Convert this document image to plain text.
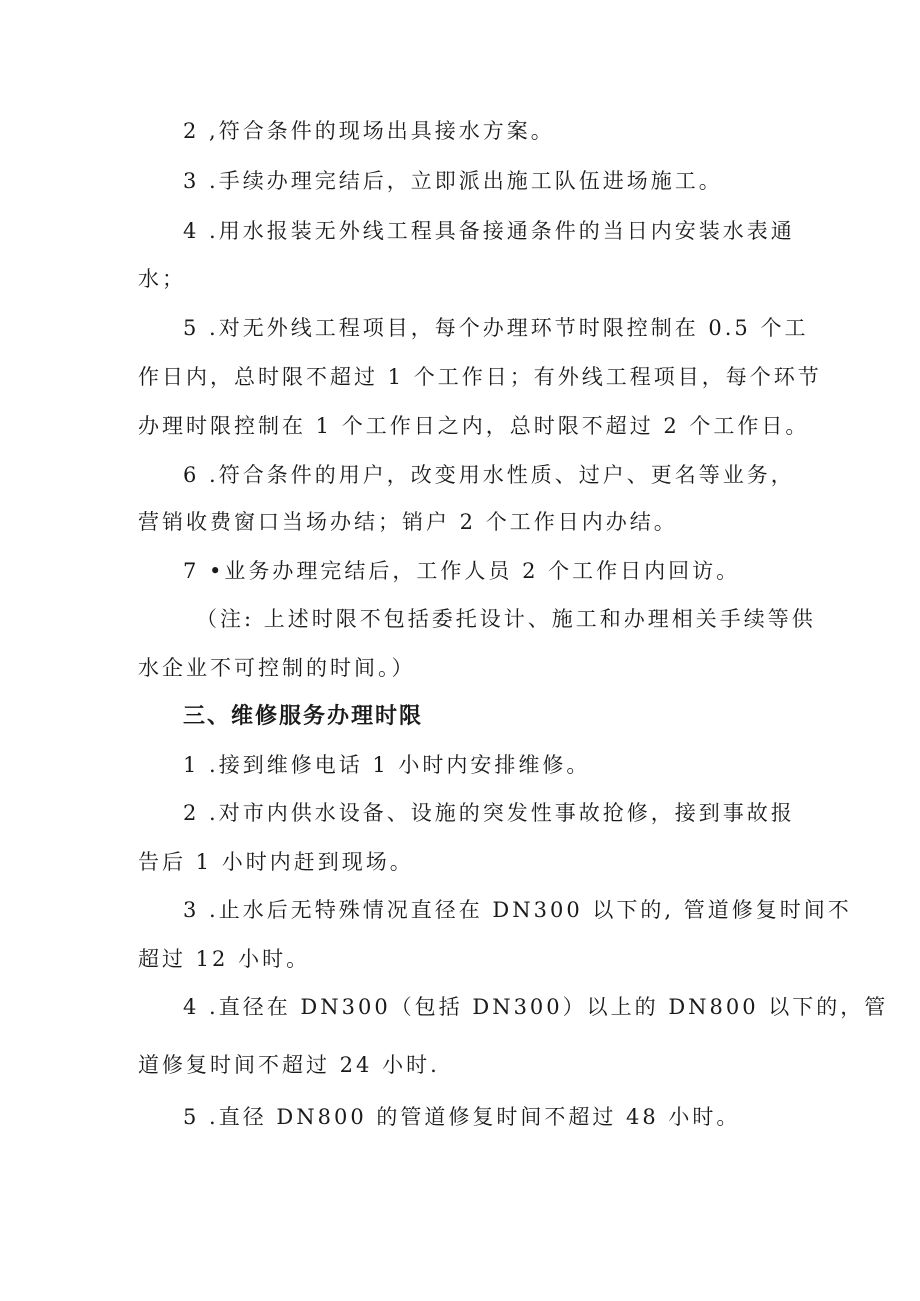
2 ,符合条件的现场出具接水方案。
3 .手续办理完结后，立即派出施工队伍进场施工。
4 .用水报装无外线工程具备接通条件的当日内安装水表通
水；
5 .对无外线工程项目，每个办理环节时限控制在 0.5 个工
作日内，总时限不超过 1 个工作日；有外线工程项目，每个环节
办理时限控制在 1 个工作日之内，总时限不超过 2 个工作日。
6 .符合条件的用户，改变用水性质、过户、更名等业务，
营销收费窗口当场办结；销户 2 个工作日内办结。
7 •业务办理完结后，工作人员 2 个工作日内回访。
（注: 上述时限不包括委托设计、施工和办理相关手续等供
水企业不可控制的时间。）
三、维修服务办理时限
1 .接到维修电话 1 小时内安排维修。
2 .对市内供水设备、设施的突发性事故抢修，接到事故报
告后 1 小时内赶到现场。
3 .止水后无特殊情况直径在 DN300 以下的, 管道修复时间不
超过 12 小时。
4 .直径在 DN300（包括 DN300）以上的 DN800 以下的，管
道修复时间不超过 24 小时.
5 .直径 DN800 的管道修复时间不超过 48 小时。
